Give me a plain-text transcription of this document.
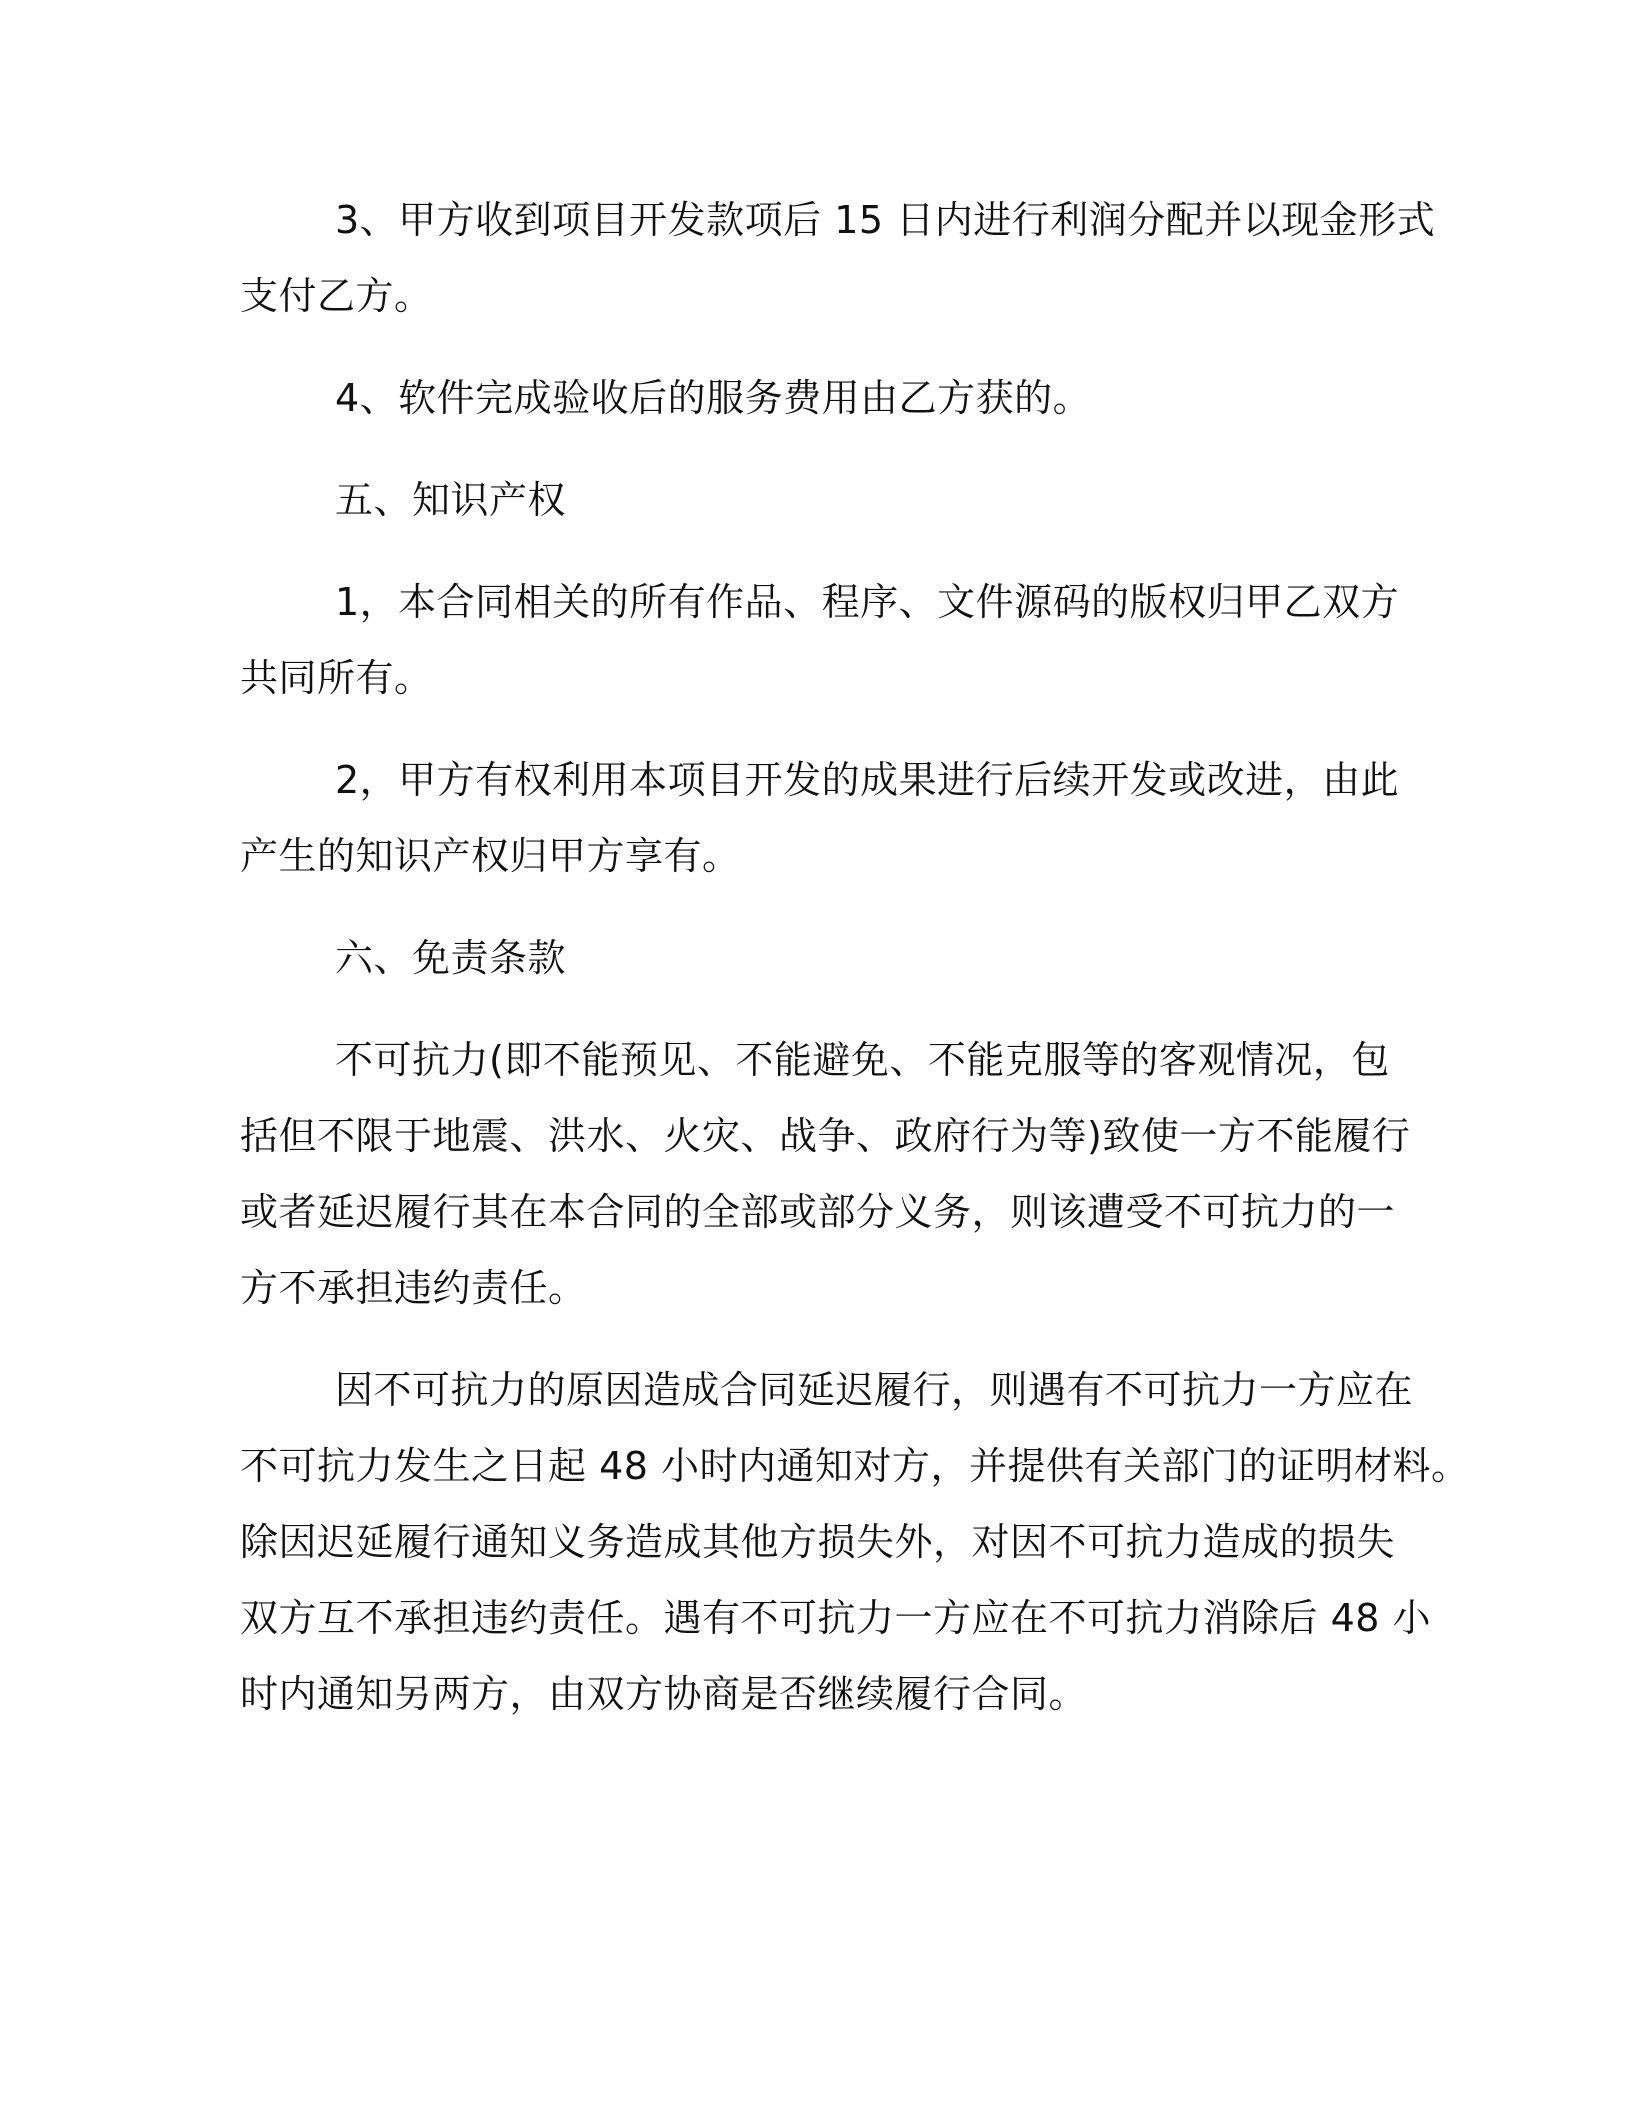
3、甲方收到项目开发款项后 15 日内进行利润分配并以现金形式
支付乙方。
4、软件完成验收后的服务费用由乙方获的。
五、知识产权
1，本合同相关的所有作品、程序、文件源码的版权归甲乙双方
共同所有。
2，甲方有权利用本项目开发的成果进行后续开发或改进，由此
产生的知识产权归甲方享有。
六、免责条款
不可抗力(即不能预见、不能避免、不能克服等的客观情况，包
括但不限于地震、洪水、火灾、战争、政府行为等)致使一方不能履行
或者延迟履行其在本合同的全部或部分义务，则该遭受不可抗力的一
方不承担违约责任。
因不可抗力的原因造成合同延迟履行，则遇有不可抗力一方应在
不可抗力发生之日起 48 小时内通知对方，并提供有关部门的证明材料。
除因迟延履行通知义务造成其他方损失外，对因不可抗力造成的损失
双方互不承担违约责任。遇有不可抗力一方应在不可抗力消除后 48 小
时内通知另两方，由双方协商是否继续履行合同。
